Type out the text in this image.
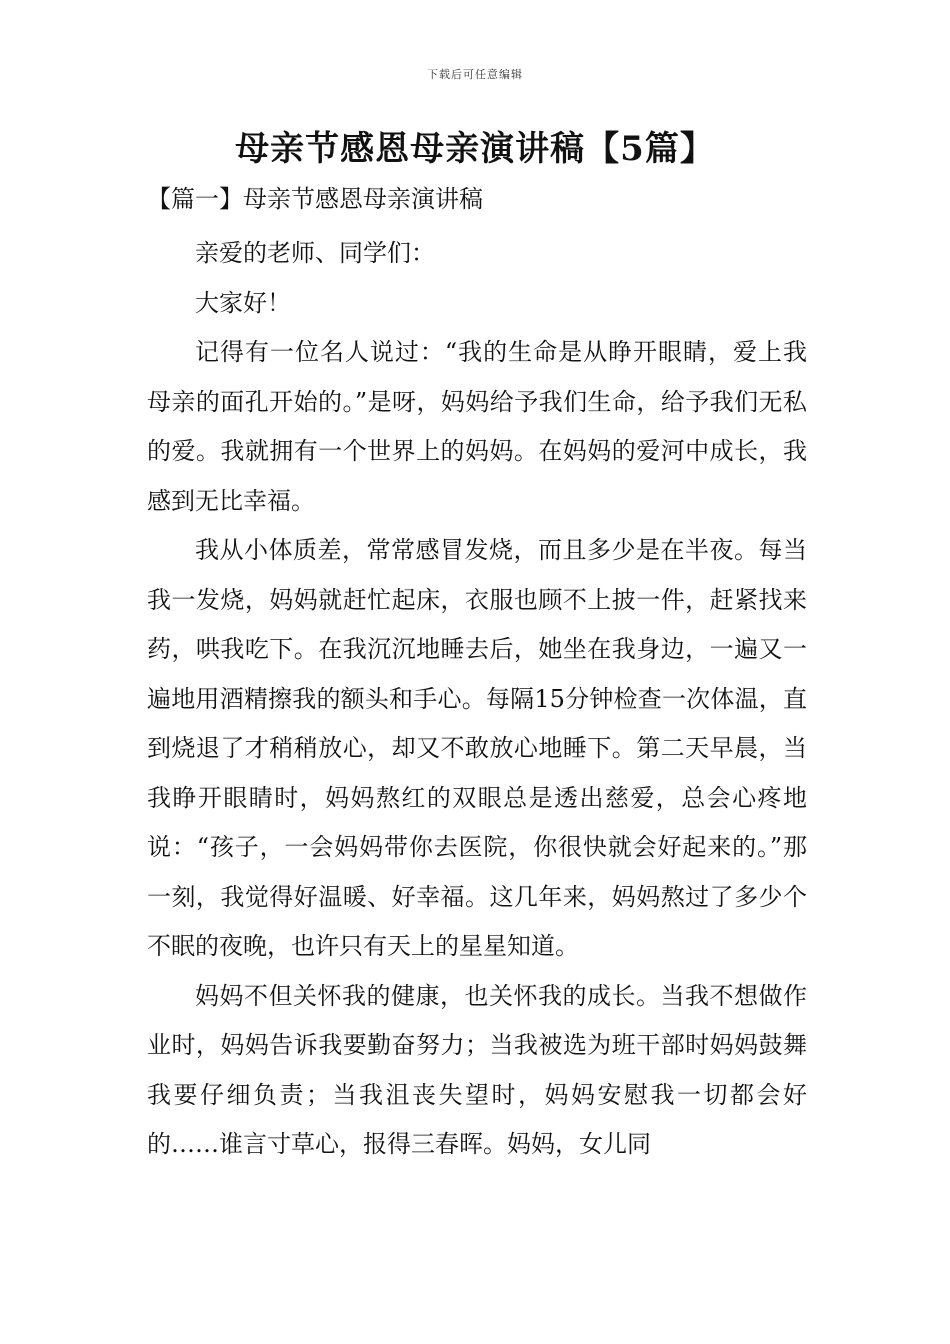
下载后可任意编辑
母亲节感恩母亲演讲稿【5篇】
【篇一】母亲节感恩母亲演讲稿

亲爱的老师、同学们：

大家好！

记得有一位名人说过：“我的生命是从睁开眼睛，爱上我母亲的面孔开始的。”是呀，妈妈给予我们生命，给予我们无私的爱。我就拥有一个世界上的妈妈。在妈妈的爱河中成长，我感到无比幸福。

我从小体质差，常常感冒发烧，而且多少是在半夜。每当我一发烧，妈妈就赶忙起床，衣服也顾不上披一件，赶紧找来药，哄我吃下。在我沉沉地睡去后，她坐在我身边，一遍又一遍地用酒精擦我的额头和手心。每隔15分钟检查一次体温，直到烧退了才稍稍放心，却又不敢放心地睡下。第二天早晨，当我睁开眼睛时，妈妈熬红的双眼总是透出慈爱，总会心疼地说：“孩子，一会妈妈带你去医院，你很快就会好起来的。”那一刻，我觉得好温暖、好幸福。这几年来，妈妈熬过了多少个不眠的夜晚，也许只有天上的星星知道。

妈妈不但关怀我的健康，也关怀我的成长。当我不想做作业时，妈妈告诉我要勤奋努力；当我被选为班干部时妈妈鼓舞我要仔细负责；当我沮丧失望时，妈妈安慰我一切都会好的……谁言寸草心，报得三春晖。妈妈，女儿同
